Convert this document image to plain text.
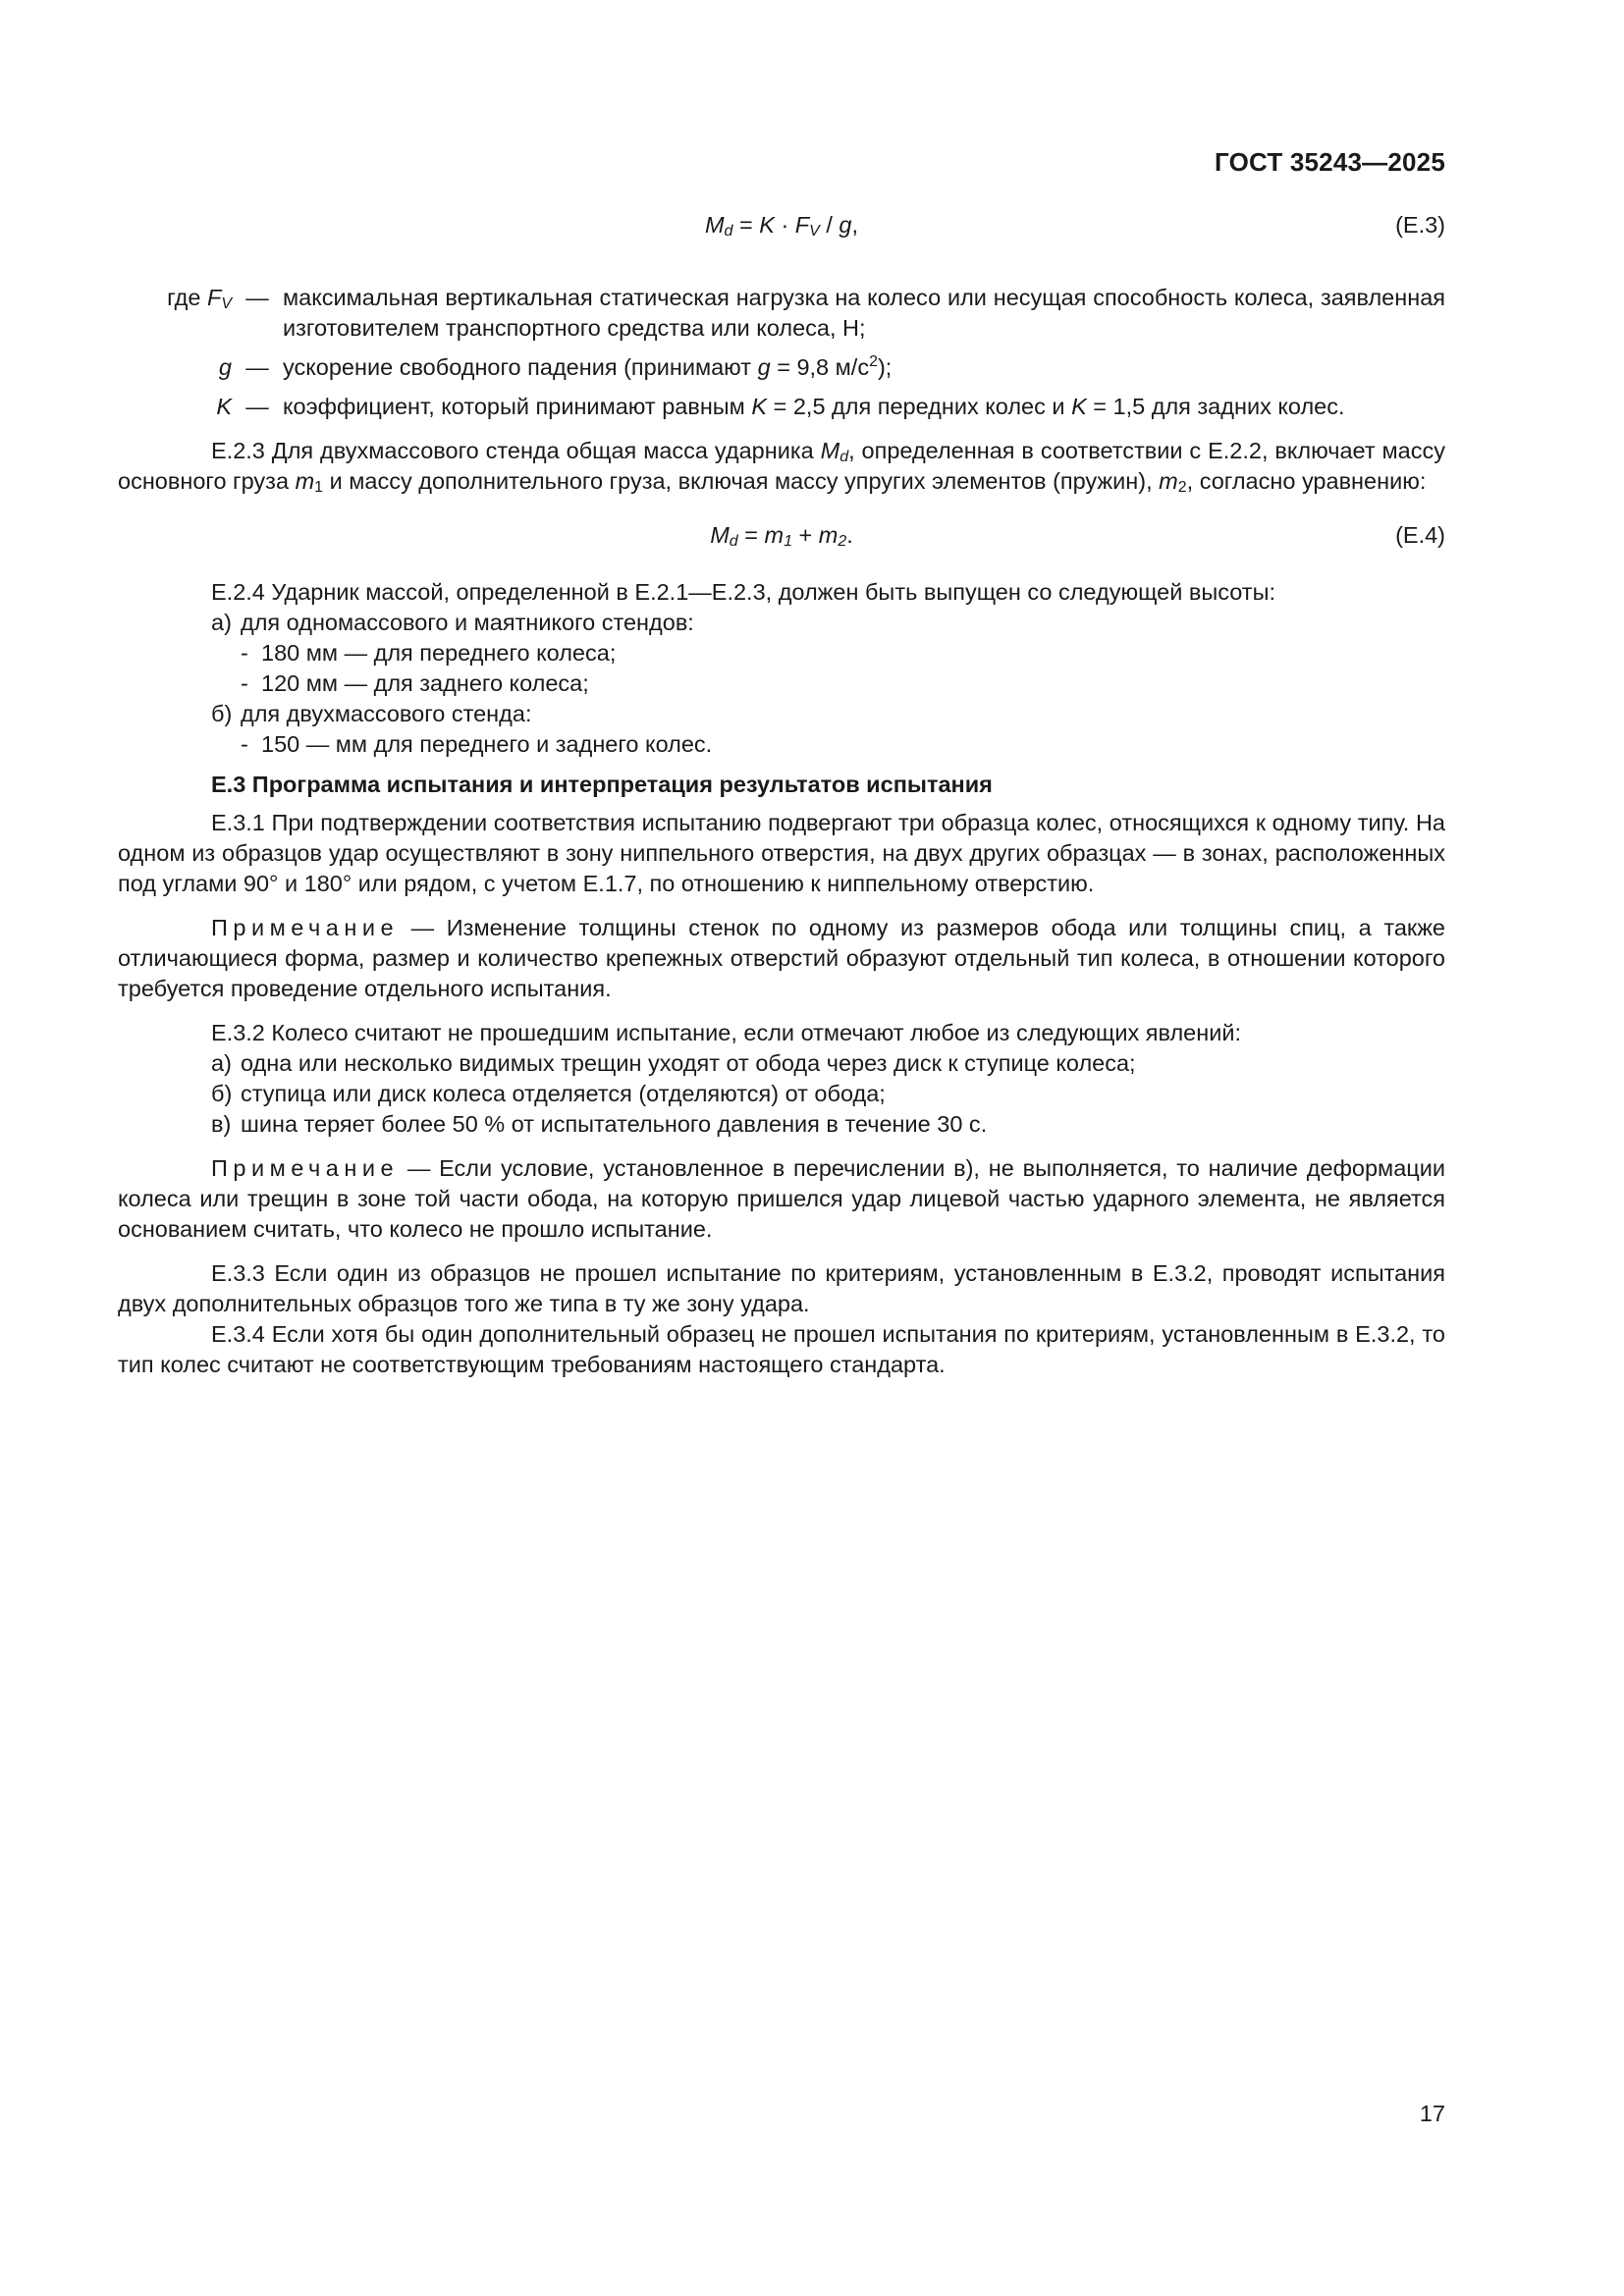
ГОСТ 35243—2025
$M_d = K \cdot F_V / g$,	(Е.3)
где $F_V$ — максимальная вертикальная статическая нагрузка на колесо или несущая способность колеса, заявленная изготовителем транспортного средства или колеса, Н;
g — ускорение свободного падения (принимают g = 9,8 $м/с^2$);
K — коэффициент, который принимают равным K = 2,5 для передних колес и K = 1,5 для задних колес.

Е.2.3 Для двухмассового стенда общая масса ударника $M_d$, определенная в соответствии с Е.2.2, включает массу основного груза $m_1$ и массу дополнительного груза, включая массу упругих элементов (пружин), $m_2$, согласно уравнению:

$M_d = m_1 + m_2$.	(Е.4)

Е.2.4 Ударник массой, определенной в Е.2.1—Е.2.3, должен быть выпущен со следующей высоты:

а) для одномассового и маятникого стендов:

- 180 мм — для переднего колеса;

- 120 мм — для заднего колеса;

б) для двухмассового стенда:

- 150 — мм для переднего и заднего колес.

Е.3 Программа испытания и интерпретация результатов испытания

Е.3.1 При подтверждении соответствия испытанию подвергают три образца колес, относящихся к одному типу. На одном из образцов удар осуществляют в зону ниппельного отверстия, на двух других образцах — в зонах, расположенных под углами 90° и 180° или рядом, с учетом Е.1.7, по отношению к ниппельному отверстию.

Примечание — Изменение толщины стенок по одному из размеров обода или толщины спиц, а также отличающиеся форма, размер и количество крепежных отверстий образуют отдельный тип колеса, в отношении которого требуется проведение отдельного испытания.

Е.3.2 Колесо считают не прошедшим испытание, если отмечают любое из следующих явлений:

а) одна или несколько видимых трещин уходят от обода через диск к ступице колеса;

б) ступица или диск колеса отделяется (отделяются) от обода;

в) шина теряет более 50 % от испытательного давления в течение 30 с.

Примечание — Если условие, установленное в перечислении в), не выполняется, то наличие деформации колеса или трещин в зоне той части обода, на которую пришелся удар лицевой частью ударного элемента, не является основанием считать, что колесо не прошло испытание.

Е.3.3 Если один из образцов не прошел испытание по критериям, установленным в Е.3.2, проводят испытания двух дополнительных образцов того же типа в ту же зону удара.

Е.3.4 Если хотя бы один дополнительный образец не прошел испытания по критериям, установленным в Е.3.2, то тип колес считают не соответствующим требованиям настоящего стандарта.

17
